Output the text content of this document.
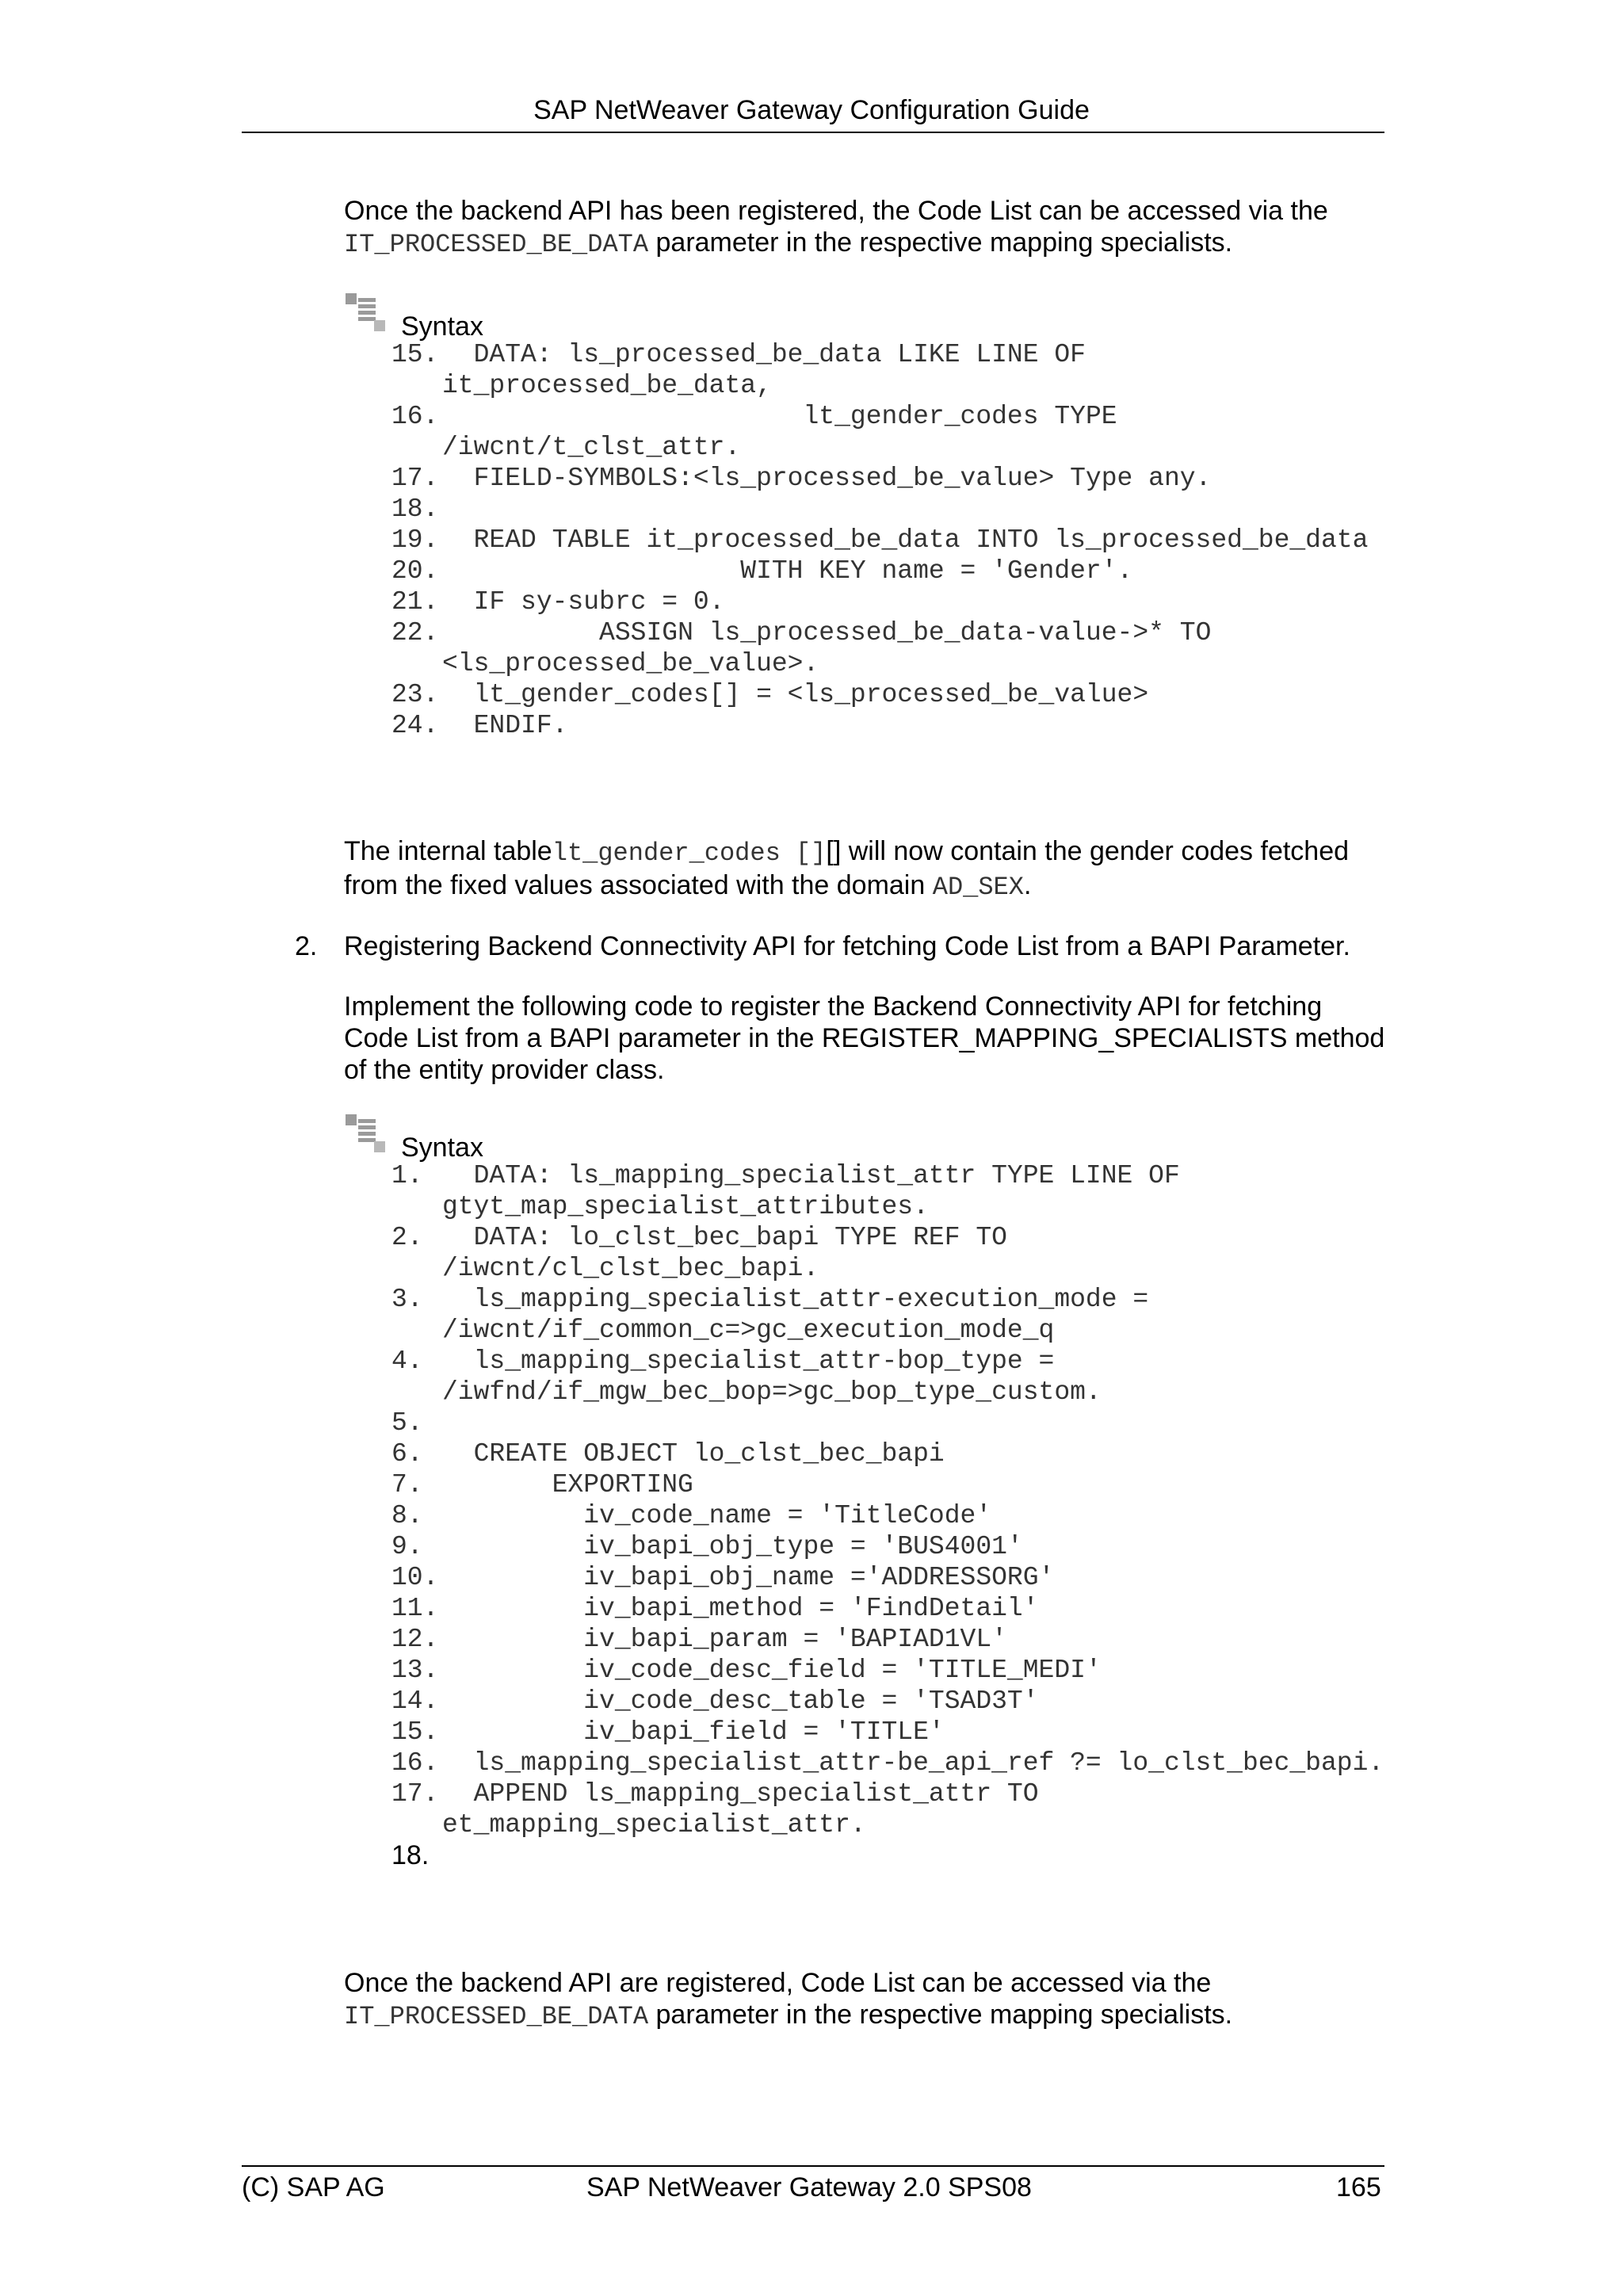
SAP NetWeaver Gateway Configuration Guide
Once the backend API has been registered, the Code List can be accessed via the
IT_PROCESSED_BE_DATA parameter in the respective mapping specialists.
Syntax
15. DATA: ls_processed_be_data LIKE LINE OF it_processed_be_data,
16. lt_gender_codes TYPE /iwcnt/t_clst_attr.
17. FIELD-SYMBOLS:<ls_processed_be_value> Type any.
18.
19. READ TABLE it_processed_be_data INTO ls_processed_be_data
20. WITH KEY name = 'Gender'.
21. IF sy-subrc = 0.
22. ASSIGN ls_processed_be_data-value->* TO <ls_processed_be_value>.
23. lt_gender_codes[] = <ls_processed_be_value>
24. ENDIF.
The internal tablelt_gender_codes [][] will now contain the gender codes fetched from the fixed values associated with the domain AD_SEX.
2. Registering Backend Connectivity API for fetching Code List from a BAPI Parameter.
Implement the following code to register the Backend Connectivity API for fetching Code List from a BAPI parameter in the REGISTER_MAPPING_SPECIALISTS method of the entity provider class.
Syntax
1. DATA: ls_mapping_specialist_attr TYPE LINE OF gtyt_map_specialist_attributes.
2. DATA: lo_clst_bec_bapi TYPE REF TO /iwcnt/cl_clst_bec_bapi.
3. ls_mapping_specialist_attr-execution_mode = /iwcnt/if_common_c=>gc_execution_mode_q
4. ls_mapping_specialist_attr-bop_type = /iwfnd/if_mgw_bec_bop=>gc_bop_type_custom.
5.
6. CREATE OBJECT lo_clst_bec_bapi
7. EXPORTING
8. iv_code_name = 'TitleCode'
9. iv_bapi_obj_type = 'BUS4001'
10. iv_bapi_obj_name ='ADDRESSORG'
11. iv_bapi_method = 'FindDetail'
12. iv_bapi_param = 'BAPIAD1VL'
13. iv_code_desc_field = 'TITLE_MEDI'
14. iv_code_desc_table = 'TSAD3T'
15. iv_bapi_field = 'TITLE'
16. ls_mapping_specialist_attr-be_api_ref ?= lo_clst_bec_bapi.
17. APPEND ls_mapping_specialist_attr TO et_mapping_specialist_attr.
18.
Once the backend API are registered, Code List can be accessed via the
IT_PROCESSED_BE_DATA parameter in the respective mapping specialists.
(C) SAP AG	SAP NetWeaver Gateway 2.0 SPS08	165
